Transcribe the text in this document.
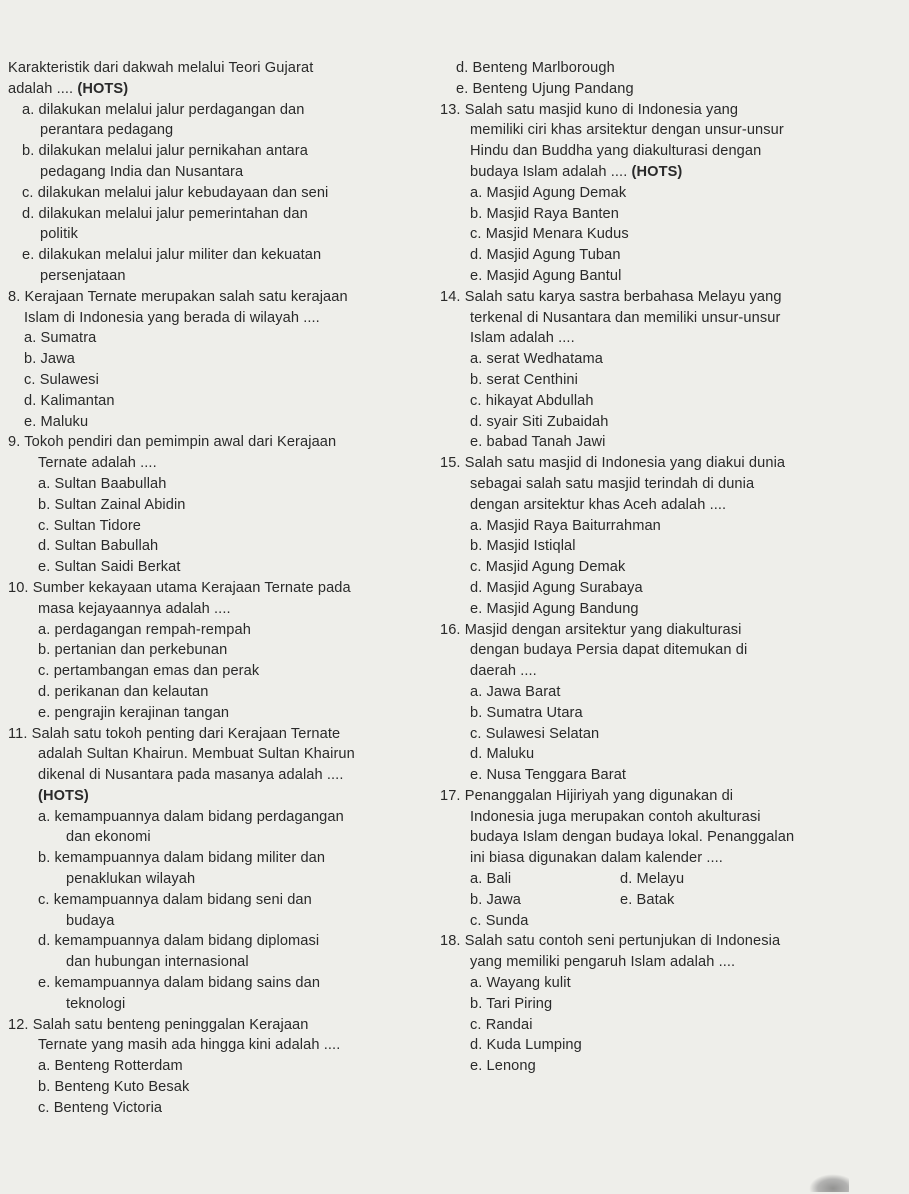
Karakteristik dari dakwah melalui Teori Gujarat
adalah .... (HOTS)
a. dilakukan melalui jalur perdagangan dan
perantara pedagang
b. dilakukan melalui jalur pernikahan antara
pedagang India dan Nusantara
c. dilakukan melalui jalur kebudayaan dan seni
d. dilakukan melalui jalur pemerintahan dan
politik
e. dilakukan melalui jalur militer dan kekuatan
persenjataan
8. Kerajaan Ternate merupakan salah satu kerajaan
Islam di Indonesia yang berada di wilayah ....
a. Sumatra
b. Jawa
c. Sulawesi
d. Kalimantan
e. Maluku
9. Tokoh pendiri dan pemimpin awal dari Kerajaan
Ternate adalah ....
a. Sultan Baabullah
b. Sultan Zainal Abidin
c. Sultan Tidore
d. Sultan Babullah
e. Sultan Saidi Berkat
10. Sumber kekayaan utama Kerajaan Ternate pada
masa kejayaannya adalah ....
a. perdagangan rempah-rempah
b. pertanian dan perkebunan
c. pertambangan emas dan perak
d. perikanan dan kelautan
e. pengrajin kerajinan tangan
11. Salah satu tokoh penting dari Kerajaan Ternate
adalah Sultan Khairun. Membuat Sultan Khairun
dikenal di Nusantara pada masanya adalah ....
(HOTS)
a. kemampuannya dalam bidang perdagangan
dan ekonomi
b. kemampuannya dalam bidang militer dan
penaklukan wilayah
c. kemampuannya dalam bidang seni dan
budaya
d. kemampuannya dalam bidang diplomasi
dan hubungan internasional
e. kemampuannya dalam bidang sains dan
teknologi
12. Salah satu benteng peninggalan Kerajaan
Ternate yang masih ada hingga kini adalah ....
a. Benteng Rotterdam
b. Benteng Kuto Besak
c. Benteng Victoria
d. Benteng Marlborough
e. Benteng Ujung Pandang
13. Salah satu masjid kuno di Indonesia yang
memiliki ciri khas arsitektur dengan unsur-unsur
Hindu dan Buddha yang diakulturasi dengan
budaya Islam adalah .... (HOTS)
a. Masjid Agung Demak
b. Masjid Raya Banten
c. Masjid Menara Kudus
d. Masjid Agung Tuban
e. Masjid Agung Bantul
14. Salah satu karya sastra berbahasa Melayu yang
terkenal di Nusantara dan memiliki unsur-unsur
Islam adalah ....
a. serat Wedhatama
b. serat Centhini
c. hikayat Abdullah
d. syair Siti Zubaidah
e. babad Tanah Jawi
15. Salah satu masjid di Indonesia yang diakui dunia
sebagai salah satu masjid terindah di dunia
dengan arsitektur khas Aceh adalah ....
a. Masjid Raya Baiturrahman
b. Masjid Istiqlal
c. Masjid Agung Demak
d. Masjid Agung Surabaya
e. Masjid Agung Bandung
16. Masjid dengan arsitektur yang diakulturasi
dengan budaya Persia dapat ditemukan di
daerah ....
a. Jawa Barat
b. Sumatra Utara
c. Sulawesi Selatan
d. Maluku
e. Nusa Tenggara Barat
17. Penanggalan Hijiriyah yang digunakan di
Indonesia juga merupakan contoh akulturasi
budaya Islam dengan budaya lokal. Penanggalan
ini biasa digunakan dalam kalender ....
a. Bali	d. Melayu
b. Jawa	e. Batak
c. Sunda
18. Salah satu contoh seni pertunjukan di Indonesia
yang memiliki pengaruh Islam adalah ....
a. Wayang kulit
b. Tari Piring
c. Randai
d. Kuda Lumping
e. Lenong
